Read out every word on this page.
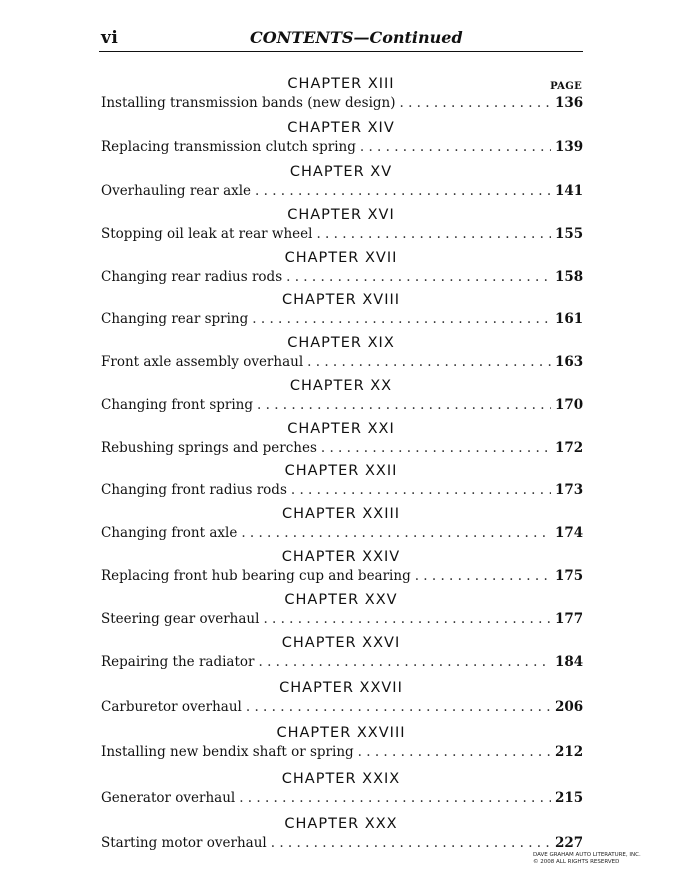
vi	CONTENTS—Continued
PAGE
CHAPTER XIII
Installing transmission bands (new design) . . .	136
CHAPTER XIV
Replacing transmission clutch spring . . .	139
CHAPTER XV
Overhauling rear axle . . .	141
CHAPTER XVI
Stopping oil leak at rear wheel . . .	155
CHAPTER XVII
Changing rear radius rods . . .	158
CHAPTER XVIII
Changing rear spring . . .	161
CHAPTER XIX
Front axle assembly overhaul . . .	163
CHAPTER XX
Changing front spring . . .	170
CHAPTER XXI
Rebushing springs and perches . . .	172
CHAPTER XXII
Changing front radius rods . . .	173
CHAPTER XXIII
Changing front axle . . .	174
CHAPTER XXIV
Replacing front hub bearing cup and bearing . . .	175
CHAPTER XXV
Steering gear overhaul . . .	177
CHAPTER XXVI
Repairing the radiator . . .	184
CHAPTER XXVII
Carburetor overhaul . . .	206
CHAPTER XXVIII
Installing new bendix shaft or spring . . .	212
CHAPTER XXIX
Generator overhaul . . .	215
CHAPTER XXX
Starting motor overhaul . . .	227
DAVE GRAHAM AUTO LITERATURE, INC.
© 2008 ALL RIGHTS RESERVED
